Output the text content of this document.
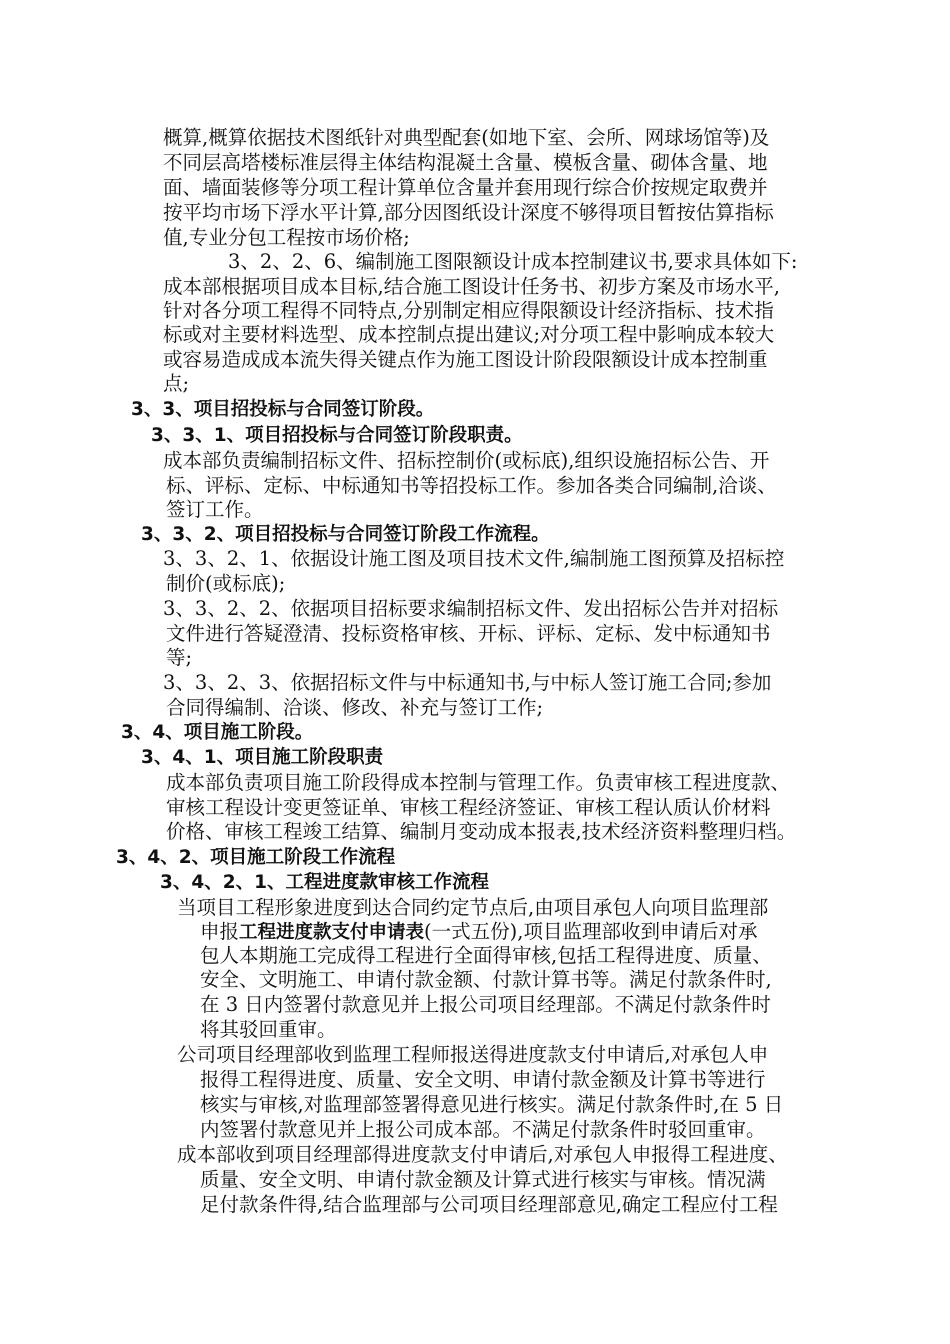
概算,概算依据技术图纸针对典型配套(如地下室、会所、网球场馆等)及
不同层高塔楼标准层得主体结构混凝土含量、模板含量、砌体含量、地
面、墙面装修等分项工程计算单位含量并套用现行综合价按规定取费并
按平均市场下浮水平计算,部分因图纸设计深度不够得项目暂按估算指标
值,专业分包工程按市场价格;
3、2、2、6、编制施工图限额设计成本控制建议书,要求具体如下:
成本部根据项目成本目标,结合施工图设计任务书、初步方案及市场水平,
针对各分项工程得不同特点,分别制定相应得限额设计经济指标、技术指
标或对主要材料选型、成本控制点提出建议;对分项工程中影响成本较大
或容易造成成本流失得关键点作为施工图设计阶段限额设计成本控制重
点;
3、3、项目招投标与合同签订阶段。
3、3、1、项目招投标与合同签订阶段职责。
成本部负责编制招标文件、招标控制价(或标底),组织设施招标公告、开
标、评标、定标、中标通知书等招投标工作。参加各类合同编制,洽谈、
签订工作。
3、3、2、项目招投标与合同签订阶段工作流程。
3、3、2、1、依据设计施工图及项目技术文件,编制施工图预算及招标控
制价(或标底);
3、3、2、2、依据项目招标要求编制招标文件、发出招标公告并对招标
文件进行答疑澄清、投标资格审核、开标、评标、定标、发中标通知书
等;
3、3、2、3、依据招标文件与中标通知书,与中标人签订施工合同;参加
合同得编制、洽谈、修改、补充与签订工作;
3、4、项目施工阶段。
3、4、1、项目施工阶段职责
成本部负责项目施工阶段得成本控制与管理工作。负责审核工程进度款、
审核工程设计变更签证单、审核工程经济签证、审核工程认质认价材料
价格、审核工程竣工结算、编制月变动成本报表,技术经济资料整理归档。
3、4、2、项目施工阶段工作流程
3、4、2、1、工程进度款审核工作流程
当项目工程形象进度到达合同约定节点后,由项目承包人向项目监理部
申报工程进度款支付申请表(一式五份),项目监理部收到申请后对承
包人本期施工完成得工程进行全面得审核,包括工程得进度、质量、
安全、文明施工、申请付款金额、付款计算书等。满足付款条件时,
在 3 日内签署付款意见并上报公司项目经理部。不满足付款条件时
将其驳回重审。
公司项目经理部收到监理工程师报送得进度款支付申请后,对承包人申
报得工程得进度、质量、安全文明、申请付款金额及计算书等进行
核实与审核,对监理部签署得意见进行核实。满足付款条件时,在 5 日
内签署付款意见并上报公司成本部。不满足付款条件时驳回重审。
成本部收到项目经理部得进度款支付申请后,对承包人申报得工程进度、
质量、安全文明、申请付款金额及计算式进行核实与审核。情况满
足付款条件得,结合监理部与公司项目经理部意见,确定工程应付工程
